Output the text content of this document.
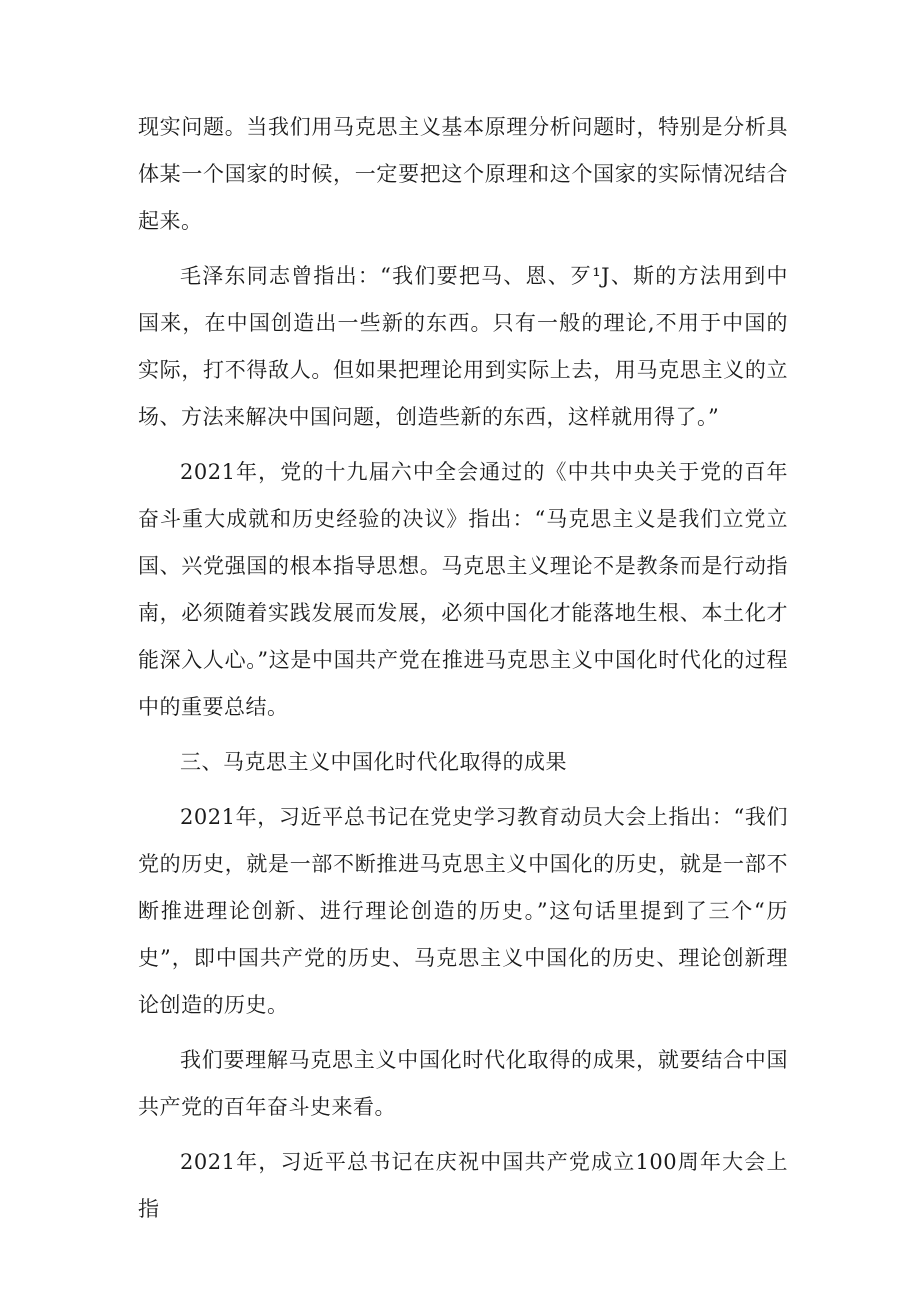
现实问题。当我们用马克思主义基本原理分析问题时，特别是分析具体某一个国家的时候，一定要把这个原理和这个国家的实际情况结合起来。

毛泽东同志曾指出：“我们要把马、恩、歹¹J、斯的方法用到中国来，在中国创造出一些新的东西。只有一般的理论,不用于中国的实际，打不得敌人。但如果把理论用到实际上去，用马克思主义的立场、方法来解决中国问题，创造些新的东西，这样就用得了。”

2021年，党的十九届六中全会通过的《中共中央关于党的百年奋斗重大成就和历史经验的决议》指出：“马克思主义是我们立党立国、兴党强国的根本指导思想。马克思主义理论不是教条而是行动指南，必须随着实践发展而发展，必须中国化才能落地生根、本土化才能深入人心。”这是中国共产党在推进马克思主义中国化时代化的过程中的重要总结。

三、马克思主义中国化时代化取得的成果

2021年，习近平总书记在党史学习教育动员大会上指出：“我们党的历史，就是一部不断推进马克思主义中国化的历史，就是一部不断推进理论创新、进行理论创造的历史。”这句话里提到了三个“历史”，即中国共产党的历史、马克思主义中国化的历史、理论创新理论创造的历史。

我们要理解马克思主义中国化时代化取得的成果，就要结合中国共产党的百年奋斗史来看。

2021年，习近平总书记在庆祝中国共产党成立100周年大会上指
